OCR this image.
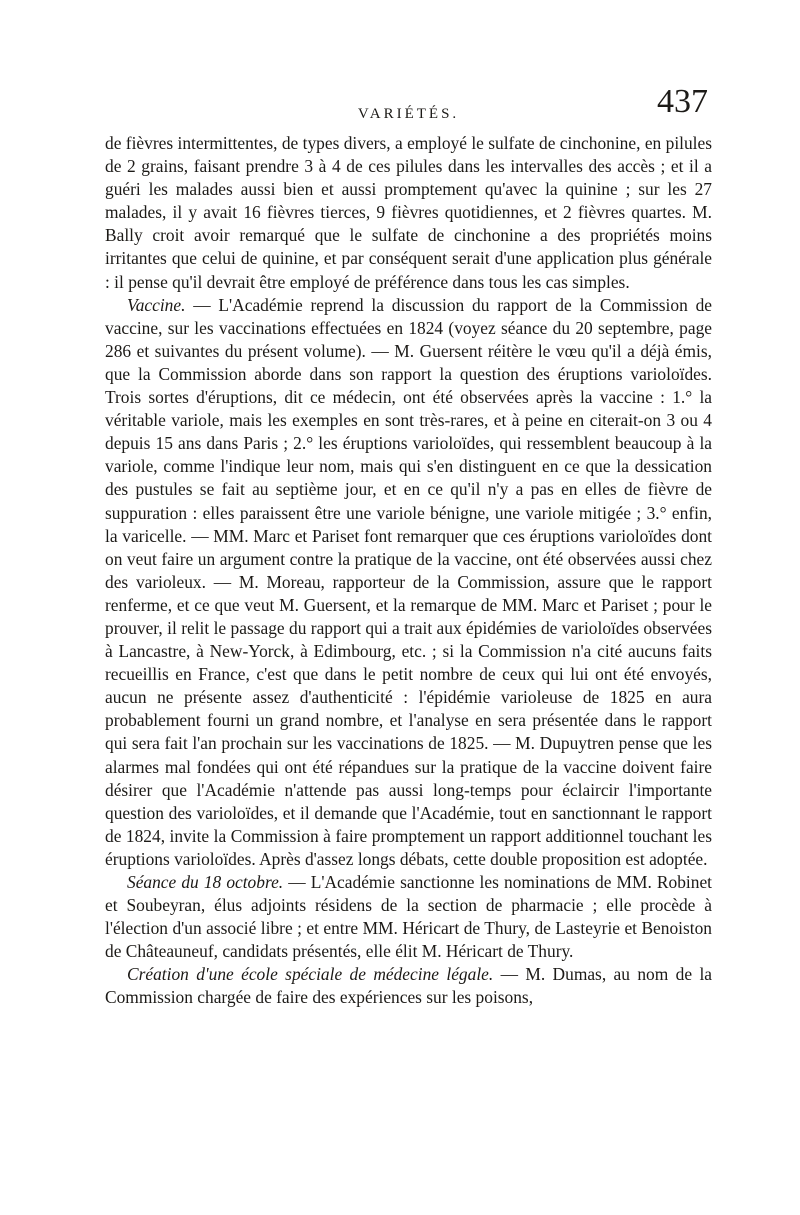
VARIÉTÉS.	437

de fièvres intermittentes, de types divers, a employé le sulfate de cinchonine, en pilules de 2 grains, faisant prendre 3 à 4 de ces pilules dans les intervalles des accès ; et il a guéri les malades aussi bien et aussi promptement qu'avec la quinine ; sur les 27 malades, il y avait 16 fièvres tierces, 9 fièvres quotidiennes, et 2 fièvres quartes. M. Bally croit avoir remarqué que le sulfate de cinchonine a des propriétés moins irritantes que celui de quinine, et par conséquent serait d'une application plus générale : il pense qu'il devrait être employé de préférence dans tous les cas simples.

Vaccine. — L'Académie reprend la discussion du rapport de la Commission de vaccine, sur les vaccinations effectuées en 1824 (voyez séance du 20 septembre, page 286 et suivantes du présent volume). — M. Guersent réitère le vœu qu'il a déjà émis, que la Commission aborde dans son rapport la question des éruptions varioloïdes. Trois sortes d'éruptions, dit ce médecin, ont été observées après la vaccine : 1.° la véritable variole, mais les exemples en sont très-rares, et à peine en citerait-on 3 ou 4 depuis 15 ans dans Paris ; 2.° les éruptions varioloïdes, qui ressemblent beaucoup à la variole, comme l'indique leur nom, mais qui s'en distinguent en ce que la dessication des pustules se fait au septième jour, et en ce qu'il n'y a pas en elles de fièvre de suppuration : elles paraissent être une variole bénigne, une variole mitigée ; 3.° enfin, la varicelle. — MM. Marc et Pariset font remarquer que ces éruptions varioloïdes dont on veut faire un argument contre la pratique de la vaccine, ont été observées aussi chez des varioleux. — M. Moreau, rapporteur de la Commission, assure que le rapport renferme, et ce que veut M. Guersent, et la remarque de MM. Marc et Pariset ; pour le prouver, il relit le passage du rapport qui a trait aux épidémies de varioloïdes observées à Lancastre, à New-Yorck, à Edimbourg, etc. ; si la Commission n'a cité aucuns faits recueillis en France, c'est que dans le petit nombre de ceux qui lui ont été envoyés, aucun ne présente assez d'authenticité : l'épidémie varioleuse de 1825 en aura probablement fourni un grand nombre, et l'analyse en sera présentée dans le rapport qui sera fait l'an prochain sur les vaccinations de 1825. — M. Dupuytren pense que les alarmes mal fondées qui ont été répandues sur la pratique de la vaccine doivent faire désirer que l'Académie n'attende pas aussi long-temps pour éclaircir l'importante question des varioloïdes, et il demande que l'Académie, tout en sanctionnant le rapport de 1824, invite la Commission à faire promptement un rapport additionnel touchant les éruptions varioloïdes. Après d'assez longs débats, cette double proposition est adoptée.

Séance du 18 octobre. — L'Académie sanctionne les nominations de MM. Robinet et Soubeyran, élus adjoints résidens de la section de pharmacie ; elle procède à l'élection d'un associé libre ; et entre MM. Héricart de Thury, de Lasteyrie et Benoiston de Châteauneuf, candidats présentés, elle élit M. Héricart de Thury.

Création d'une école spéciale de médecine légale. — M. Dumas, au nom de la Commission chargée de faire des expériences sur les poisons,
